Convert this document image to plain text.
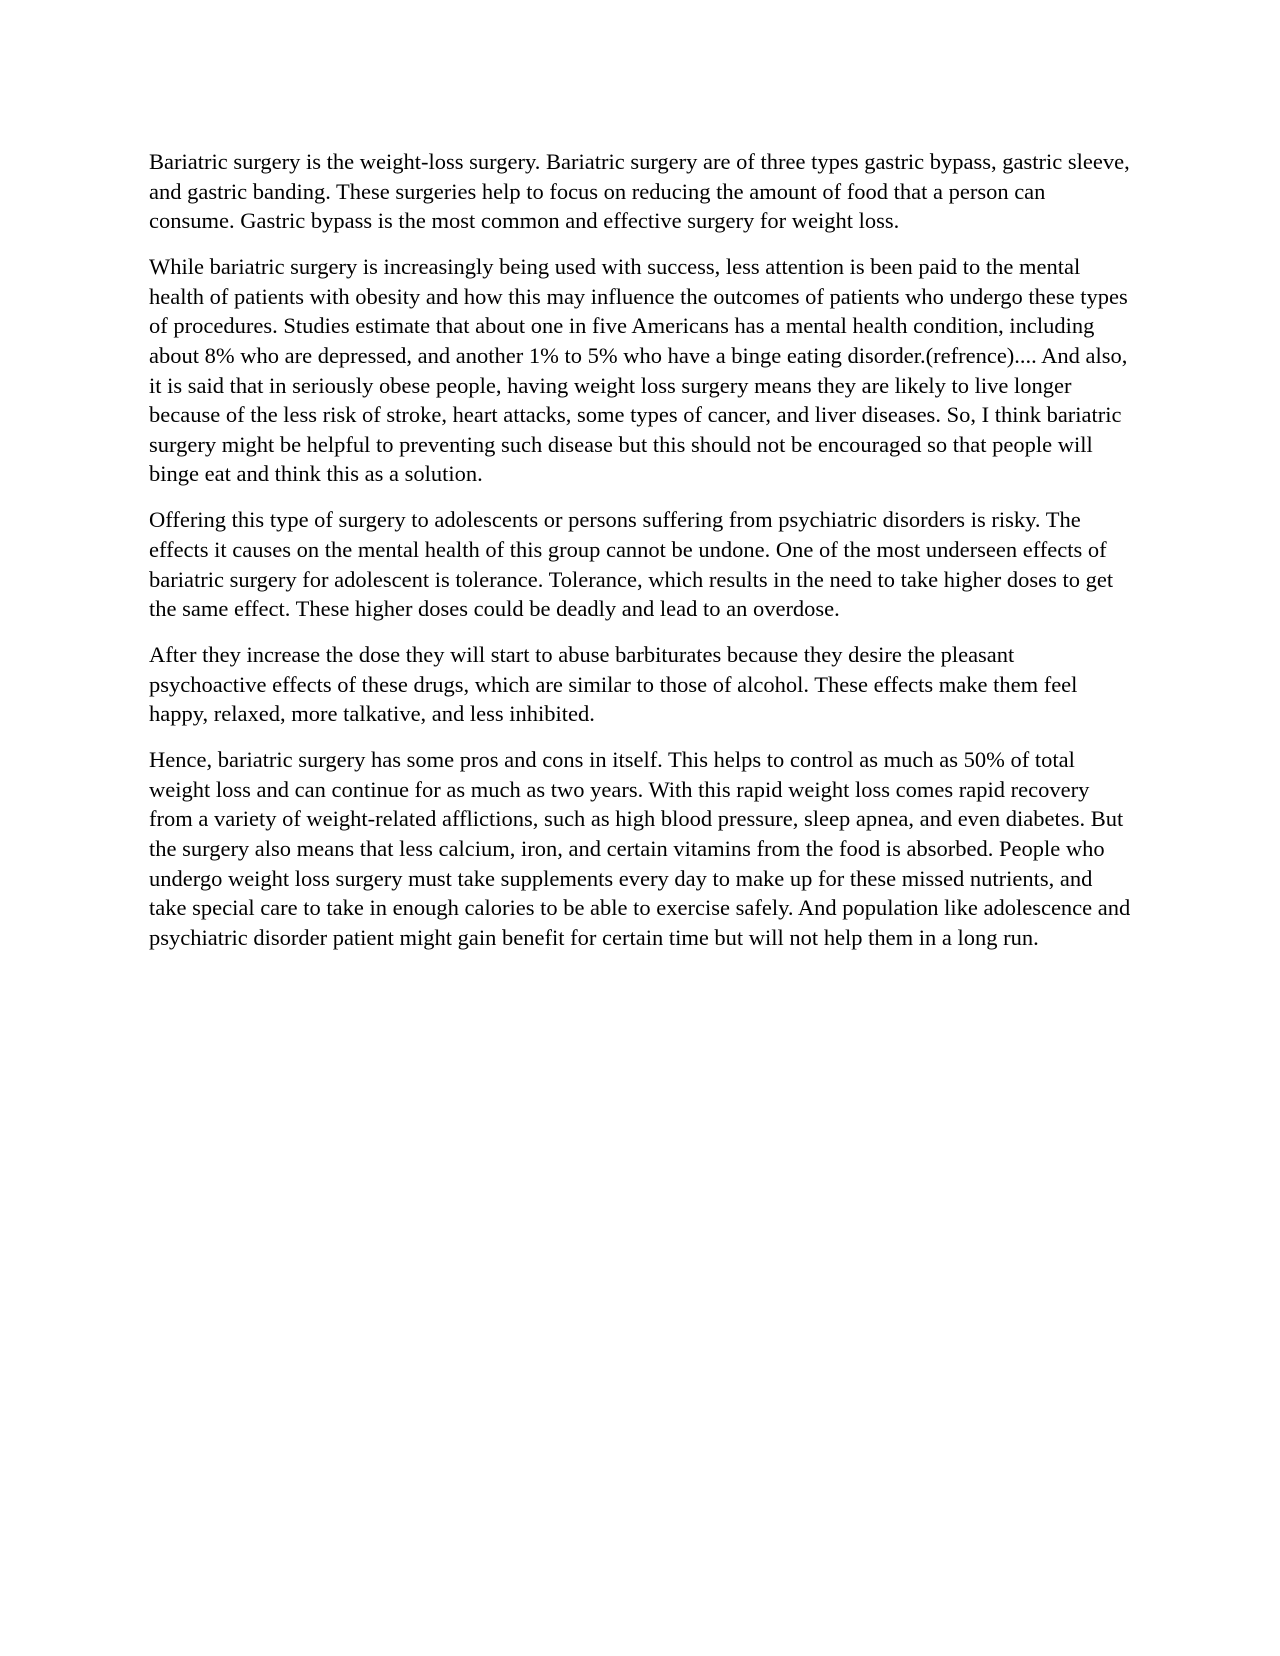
Bariatric surgery is the weight-loss surgery. Bariatric surgery are of three types gastric bypass, gastric sleeve, and gastric banding. These surgeries help to focus on reducing the amount of food that a person can consume. Gastric bypass is the most common and effective surgery for weight loss.

While bariatric surgery is increasingly being used with success, less attention is been paid to the mental health of patients with obesity and how this may influence the outcomes of patients who undergo these types of procedures. Studies estimate that about one in five Americans has a mental health condition, including about 8% who are depressed, and another 1% to 5% who have a binge eating disorder.(refrence).... And also, it is said that in seriously obese people, having weight loss surgery means they are likely to live longer because of the less risk of stroke, heart attacks, some types of cancer, and liver diseases. So, I think bariatric surgery might be helpful to preventing such disease but this should not be encouraged so that people will binge eat and think this as a solution.

Offering this type of surgery to adolescents or persons suffering from psychiatric disorders is risky. The effects it causes on the mental health of this group cannot be undone. One of the most underseen effects of bariatric surgery for adolescent is tolerance. Tolerance, which results in the need to take higher doses to get the same effect. These higher doses could be deadly and lead to an overdose.

After they increase the dose they will start to abuse barbiturates because they desire the pleasant psychoactive effects of these drugs, which are similar to those of alcohol. These effects make them feel happy, relaxed, more talkative, and less inhibited.

Hence, bariatric surgery has some pros and cons in itself. This helps to control as much as 50% of total weight loss and can continue for as much as two years. With this rapid weight loss comes rapid recovery from a variety of weight-related afflictions, such as high blood pressure, sleep apnea, and even diabetes. But the surgery also means that less calcium, iron, and certain vitamins from the food is absorbed. People who undergo weight loss surgery must take supplements every day to make up for these missed nutrients, and take special care to take in enough calories to be able to exercise safely. And population like adolescence and psychiatric disorder patient might gain benefit for certain time but will not help them in a long run.
